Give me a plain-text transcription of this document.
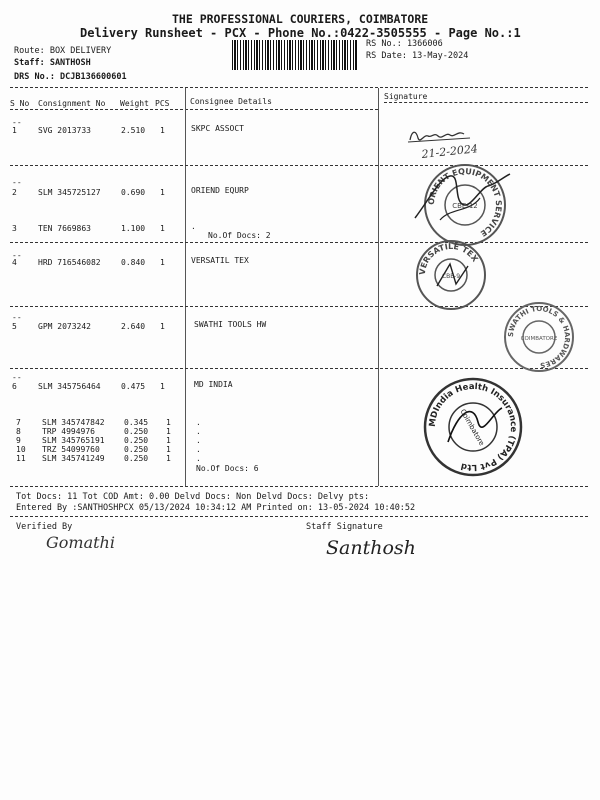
THE PROFESSIONAL COURIERS, COIMBATORE
Delivery Runsheet - PCX - Phone No.:0422-3505555 - Page No.:1
Route: BOX DELIVERY
Staff: SANTHOSH
DRS No.: DCJB136600601
RS No.: 1366006
RS Date: 13-May-2024
S No Consignment No Weight PCS	Consignee Details
Signature
--
1	SVG 2013733	2.510 1	SKPC ASSOCT
--
2	SLM 345725127	0.690 1	ORIEND EQURP
3	TEN 7669863	1.100 1	.
No.Of Docs: 2
--
4	HRD 716546082	0.840 1	VERSATIL TEX
--
5	GPM 2073242	2.640 1	SWATHI TOOLS HW
--
6	SLM 345756464	0.475 1	MD INDIA
7	SLM 345747842 0.345 1	.
8	TRP 4994976	0.250 1	.
9	SLM 345765191 0.250 1	.
10 TRZ 54099760	0.250 1	.
11 SLM 345741249 0.250 1	.
No.Of Docs: 6
Tot Docs: 11 Tot COD Amt: 0.00 Delvd Docs: Non Delvd Docs: Delvy pts:
Entered By :SANTHOSHPCX 05/13/2024 10:34:12 AM Printed on: 13-05-2024 10:40:52
Verified By	Staff Signature
21-2-2024
ORIENT EQUIPMENT SERVICE
CBE-12
VERSATILE TEX
CBE-9
SWATHI TOOLS & HARDWARES
COIMBATORE
MDIndia Health Insurance (TPA) Pvt Ltd
Coimbatore
Gomathi	Santhosh
